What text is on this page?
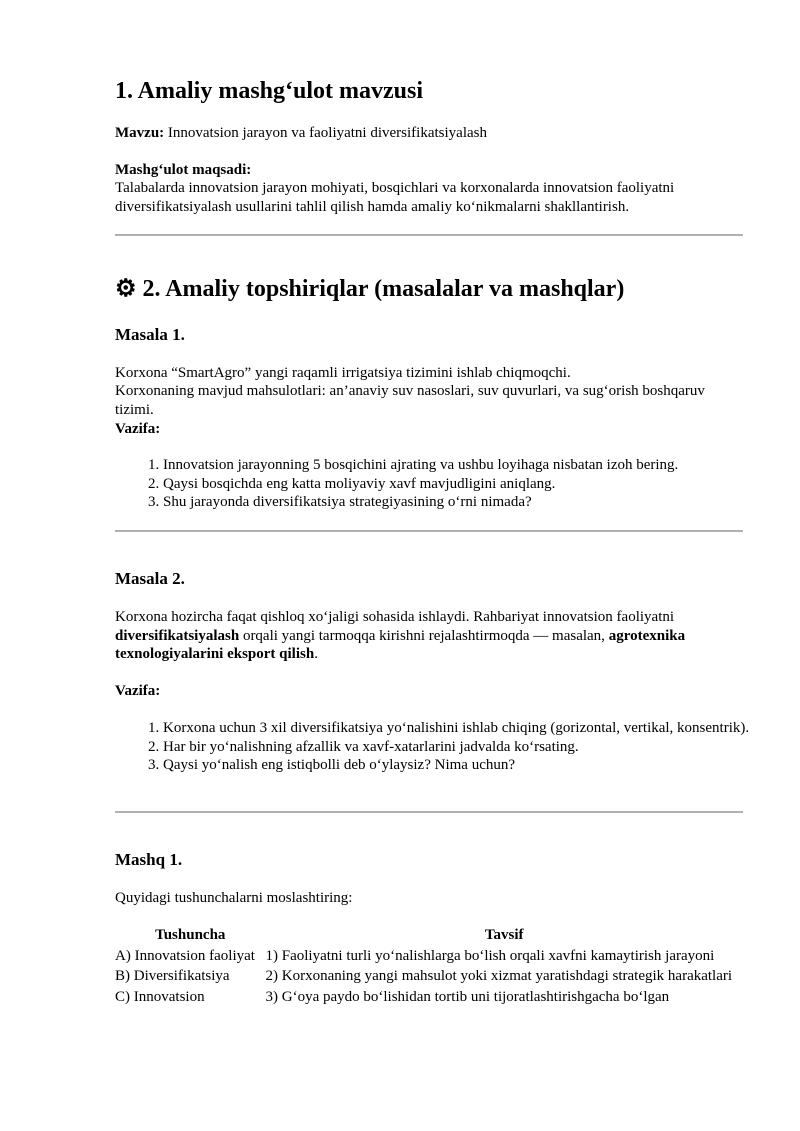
1. Amaliy mashg‘ulot mavzusi

Mavzu: Innovatsion jarayon va faoliyatni diversifikatsiyalash

Mashg‘ulot maqsadi:

Talabalarda innovatsion jarayon mohiyati, bosqichlari va korxonalarda innovatsion faoliyatni diversifikatsiyalash usullarini tahlil qilish hamda amaliy ko‘nikmalarni shakllantirish.

⚙ 2. Amaliy topshiriqlar (masalalar va mashqlar)
Masala 1.

Korxona “SmartAgro” yangi raqamli irrigatsiya tizimini ishlab chiqmoqchi.

Korxonaning mavjud mahsulotlari: an’anaviy suv nasoslari, suv quvurlari, va sug‘orish boshqaruv tizimi.

Vazifa:

1. Innovatsion jarayonning 5 bosqichini ajrating va ushbu loyihaga nisbatan izoh bering.
2. Qaysi bosqichda eng katta moliyaviy xavf mavjudligini aniqlang.
3. Shu jarayonda diversifikatsiya strategiyasining o‘rni nimada?
Masala 2.

Korxona hozircha faqat qishloq xo‘jaligi sohasida ishlaydi. Rahbariyat innovatsion faoliyatni diversifikatsiyalash orqali yangi tarmoqqa kirishni rejalashtirmoqda — masalan, agrotexnika texnologiyalarini eksport qilish.

Vazifa:

1. Korxona uchun 3 xil diversifikatsiya yo‘nalishini ishlab chiqing (gorizontal, vertikal, konsentrik).
2. Har bir yo‘nalishning afzallik va xavf-xatarlarini jadvalda ko‘rsating.
3. Qaysi yo‘nalish eng istiqbolli deb o‘ylaysiz? Nima uchun?
Mashq 1.

Quyidagi tushunchalarni moslashtiring:

Tushuncha	Tavsif
A) Innovatsion faoliyat	1) Faoliyatni turli yo‘nalishlarga bo‘lish orqali xavfni kamaytirish jarayoni
B) Diversifikatsiya	2) Korxonaning yangi mahsulot yoki xizmat yaratishdagi strategik harakatlari
C) Innovatsion	3) G‘oya paydo bo‘lishidan tortib uni tijoratlashtirishgacha bo‘lgan
